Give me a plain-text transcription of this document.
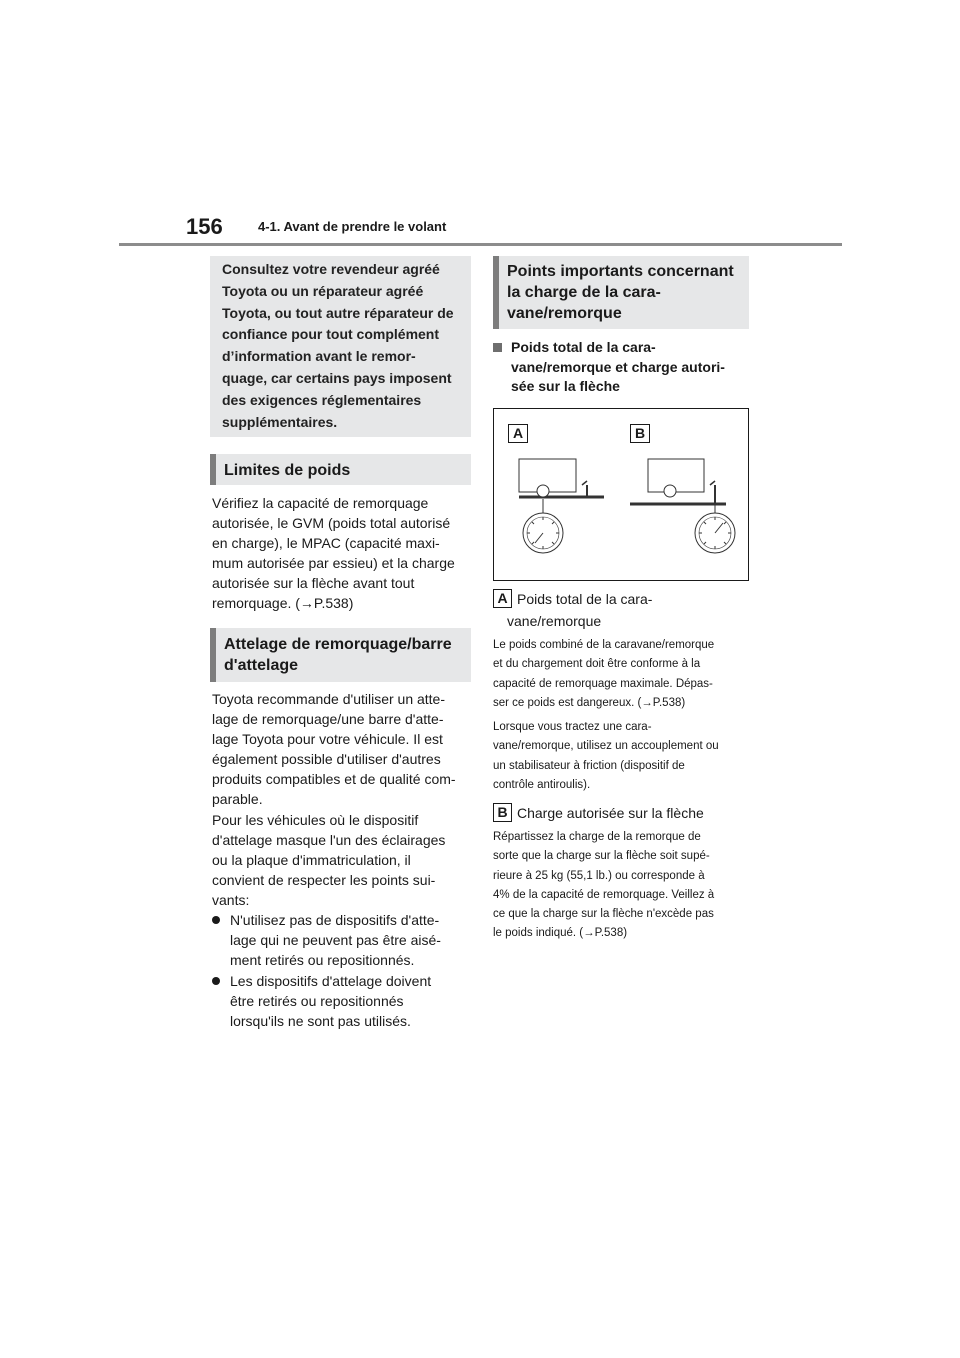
156	4-1. Avant de prendre le volant
Consultez votre revendeur agréé
Toyota ou un réparateur agréé
Toyota, ou tout autre réparateur de
confiance pour tout complément
d’information avant le remor-
quage, car certains pays imposent
des exigences réglementaires
supplémentaires.
Limites de poids
Vérifiez la capacité de remorquage
autorisée, le GVM (poids total autorisé
en charge), le MPAC (capacité maxi-
mum autorisée par essieu) et la charge
autorisée sur la flèche avant tout
remorquage. (→P.538)
Attelage de remorquage/barre
d'attelage
Toyota recommande d'utiliser un atte-
lage de remorquage/une barre d'atte-
lage Toyota pour votre véhicule. Il est
également possible d'utiliser d'autres
produits compatibles et de qualité com-
parable.
Pour les véhicules où le dispositif
d'attelage masque l'un des éclairages
ou la plaque d'immatriculation, il
convient de respecter les points sui-
vants:
N'utilisez pas de dispositifs d'atte-
lage qui ne peuvent pas être aisé-
ment retirés ou repositionnés.
Les dispositifs d'attelage doivent
être retirés ou repositionnés
lorsqu'ils ne sont pas utilisés.
Points importants concernant
la charge de la cara-
vane/remorque
Poids total de la cara-
vane/remorque et charge autori-
sée sur la flèche
A	B
A Poids total de la cara-
vane/remorque
Le poids combiné de la caravane/remorque
et du chargement doit être conforme à la
capacité de remorquage maximale. Dépas-
ser ce poids est dangereux. (→P.538)
Lorsque vous tractez une cara-
vane/remorque, utilisez un accouplement ou
un stabilisateur à friction (dispositif de
contrôle antiroulis).
B Charge autorisée sur la flèche
Répartissez la charge de la remorque de
sorte que la charge sur la flèche soit supé-
rieure à 25 kg (55,1 lb.) ou corresponde à
4% de la capacité de remorquage. Veillez à
ce que la charge sur la flèche n'excède pas
le poids indiqué. (→P.538)
